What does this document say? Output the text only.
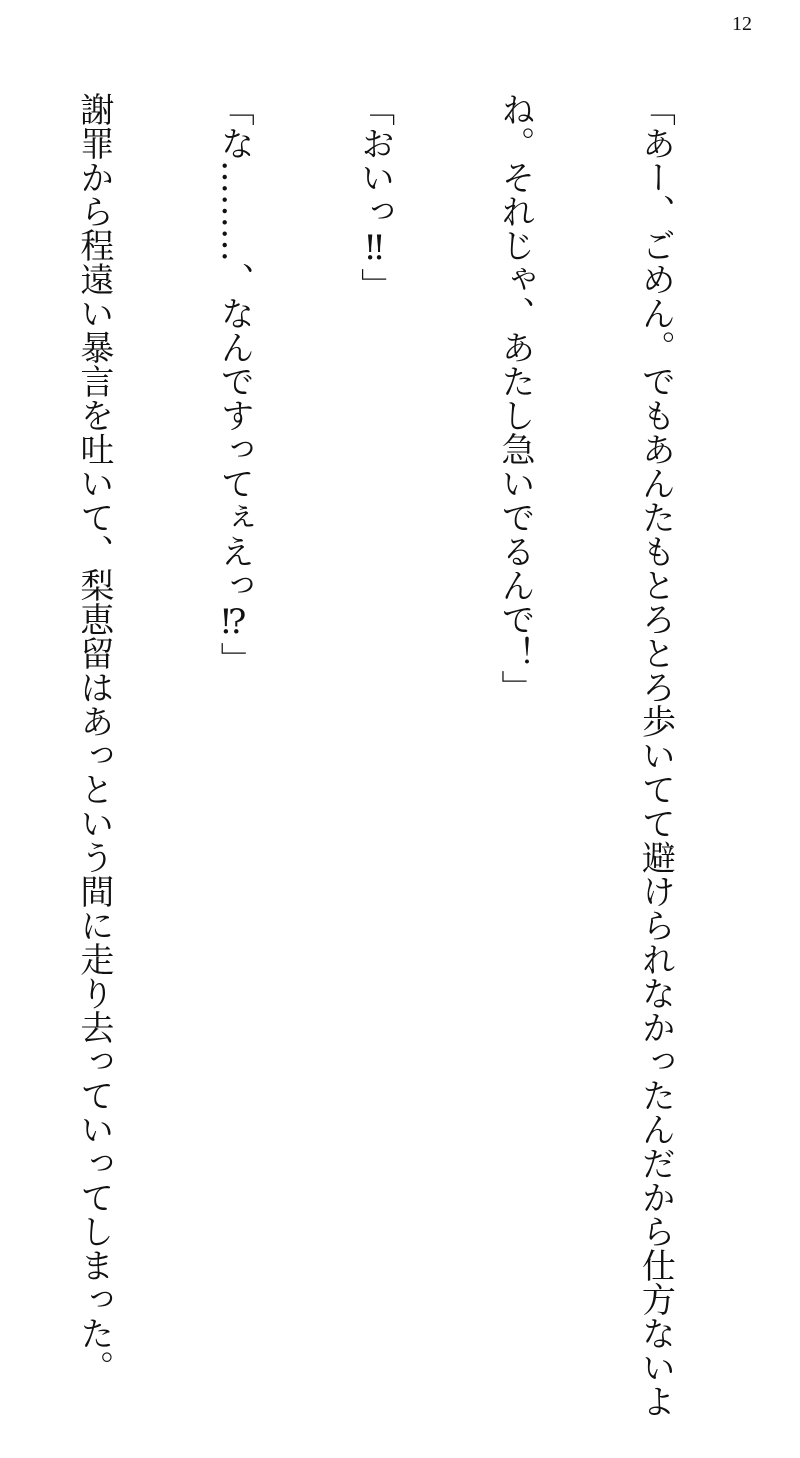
12

「あー、ごめん。でもあんたもとろとろ歩いてて避けられなかったんだから仕方ないよ

ね。それじゃ、あたし急いでるんで！」

「おいっ‼」

「な………、なんですってぇえっ⁉」

謝罪から程遠い暴言を吐いて、梨恵留はあっという間に走り去っていってしまった。
